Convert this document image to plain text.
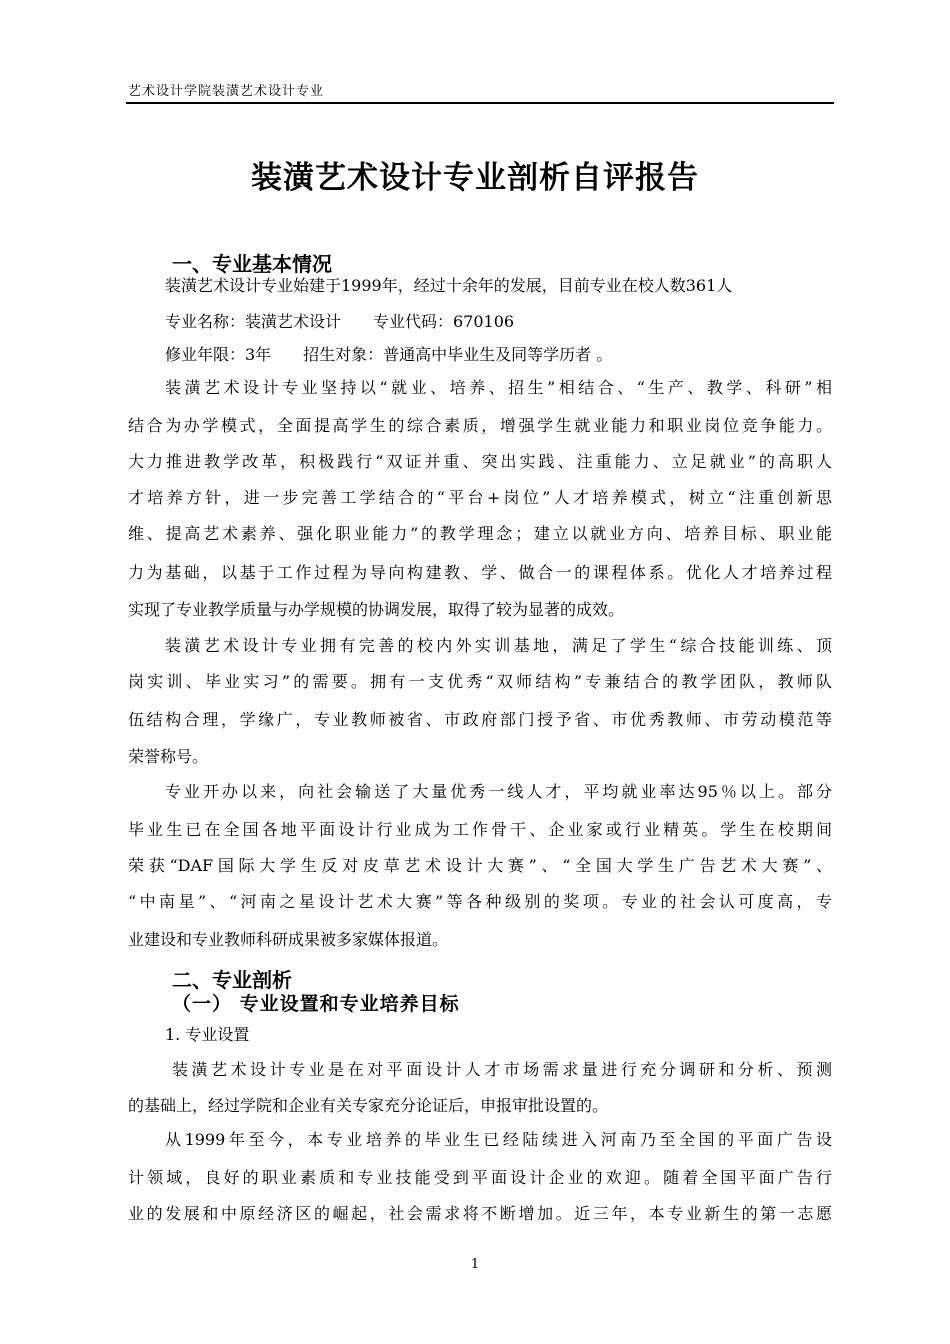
艺术设计学院装潢艺术设计专业
装潢艺术设计专业剖析自评报告
一、专业基本情况
装潢艺术设计专业始建于1999年，经过十余年的发展，目前专业在校人数361人
专业名称：装潢艺术设计　　专业代码：670106
修业年限：3年　　招生对象：普通高中毕业生及同等学历者 。
装潢艺术设计专业坚持以“就业、培养、招生”相结合、“生产、教学、科研”相
结合为办学模式，全面提高学生的综合素质，增强学生就业能力和职业岗位竞争能力。
大力推进教学改革，积极践行“双证并重、突出实践、注重能力、立足就业”的高职人
才培养方针，进一步完善工学结合的“平台+岗位”人才培养模式，树立“注重创新思
维、提高艺术素养、强化职业能力”的教学理念；建立以就业方向、培养目标、职业能
力为基础，以基于工作过程为导向构建教、学、做合一的课程体系。优化人才培养过程
实现了专业教学质量与办学规模的协调发展，取得了较为显著的成效。
装潢艺术设计专业拥有完善的校内外实训基地，满足了学生“综合技能训练、顶
岗实训、毕业实习”的需要。拥有一支优秀“双师结构”专兼结合的教学团队，教师队
伍结构合理，学缘广，专业教师被省、市政府部门授予省、市优秀教师、市劳动模范等
荣誉称号。
专业开办以来，向社会输送了大量优秀一线人才，平均就业率达95％以上。部分
毕业生已在全国各地平面设计行业成为工作骨干、企业家或行业精英。学生在校期间
荣获“DAF国际大学生反对皮草艺术设计大赛”、“全国大学生广告艺术大赛”、
“中南星”、“河南之星设计艺术大赛”等各种级别的奖项。专业的社会认可度高，专
业建设和专业教师科研成果被多家媒体报道。
二、专业剖析
（一） 专业设置和专业培养目标
1. 专业设置
装潢艺术设计专业是在对平面设计人才市场需求量进行充分调研和分析、预测
的基础上，经过学院和企业有关专家充分论证后，申报审批设置的。
从1999年至今，本专业培养的毕业生已经陆续进入河南乃至全国的平面广告设
计领域，良好的职业素质和专业技能受到平面设计企业的欢迎。随着全国平面广告行
业的发展和中原经济区的崛起，社会需求将不断增加。近三年，本专业新生的第一志愿
1
